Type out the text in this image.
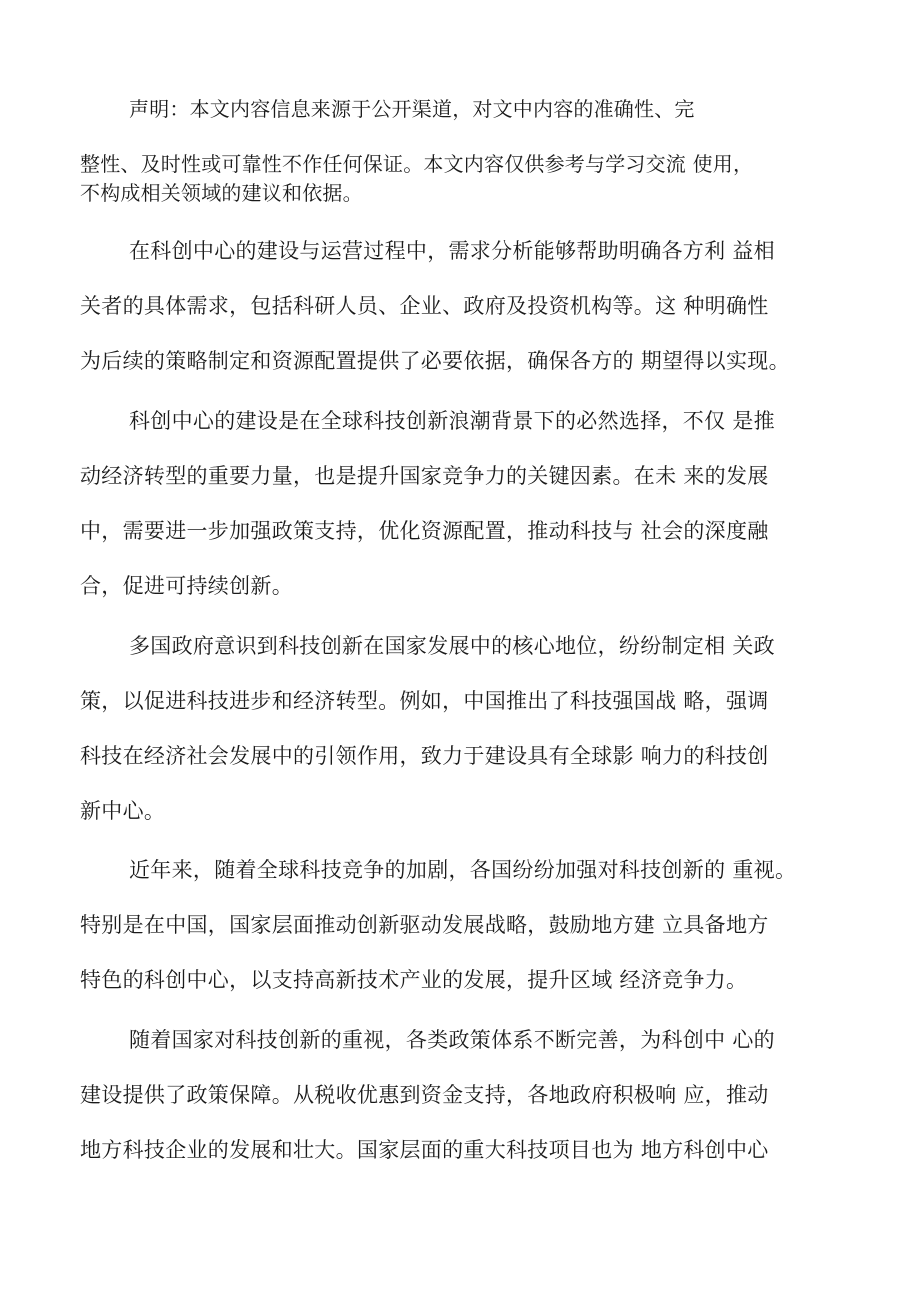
声明：本文内容信息来源于公开渠道，对文中内容的准确性、完
整性、及时性或可靠性不作任何保证。本文内容仅供参考与学习交流 使用，
不构成相关领域的建议和依据。
在科创中心的建设与运营过程中，需求分析能够帮助明确各方利 益相
关者的具体需求，包括科研人员、企业、政府及投资机构等。这 种明确性
为后续的策略制定和资源配置提供了必要依据，确保各方的 期望得以实现。
科创中心的建设是在全球科技创新浪潮背景下的必然选择，不仅 是推
动经济转型的重要力量，也是提升国家竞争力的关键因素。在未 来的发展
中，需要进一步加强政策支持，优化资源配置，推动科技与 社会的深度融
合，促进可持续创新。
多国政府意识到科技创新在国家发展中的核心地位，纷纷制定相 关政
策，以促进科技进步和经济转型。例如，中国推出了科技强国战 略，强调
科技在经济社会发展中的引领作用，致力于建设具有全球影 响力的科技创
新中心。
近年来，随着全球科技竞争的加剧，各国纷纷加强对科技创新的 重视。
特别是在中国，国家层面推动创新驱动发展战略，鼓励地方建 立具备地方
特色的科创中心，以支持高新技术产业的发展，提升区域 经济竞争力。
随着国家对科技创新的重视，各类政策体系不断完善，为科创中 心的
建设提供了政策保障。从税收优惠到资金支持，各地政府积极响 应，推动
地方科技企业的发展和壮大。国家层面的重大科技项目也为 地方科创中心
